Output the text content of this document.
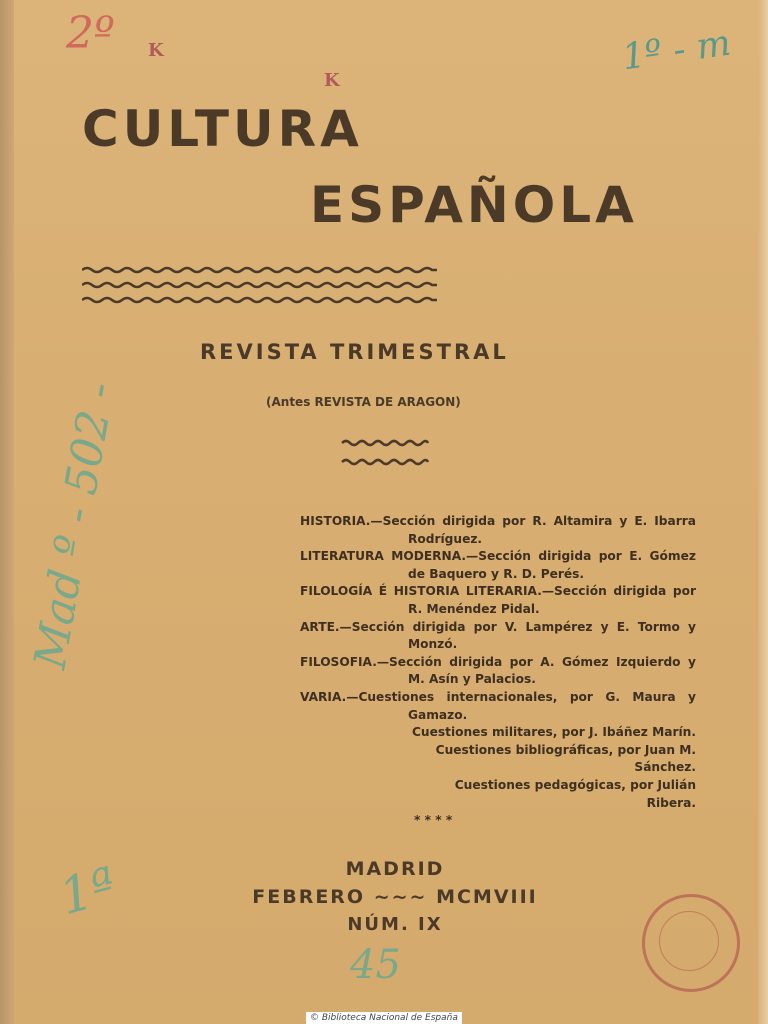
2º K
K
1º - m
Mad º - 502 -
1ª
45
CULTURA
ESPAÑOLA
REVISTA TRIMESTRAL
(Antes REVISTA DE ARAGON)

HISTORIA.—Sección dirigida por R. Altamira y E. Ibarra Rodríguez.

LITERATURA MODERNA.—Sección dirigida por E. Gómez de Baquero y R. D. Perés.

FILOLOGÍA É HISTORIA LITERARIA.—Sección dirigida por R. Menéndez Pidal.

ARTE.—Sección dirigida por V. Lampérez y E. Tormo y Monzó.

FILOSOFIA.—Sección dirigida por A. Gómez Izquierdo y M. Asín y Palacios.

VARIA.—Cuestiones internacionales, por G. Maura y Gamazo.

Cuestiones militares, por J. Ibáñez Marín.

Cuestiones bibliográficas, por Juan M. Sánchez.

Cuestiones pedagógicas, por Julián Ribera.

* * * *

MADRID
FEBRERO ~~~ MCMVIII
NÚM. IX
© Biblioteca Nacional de España
